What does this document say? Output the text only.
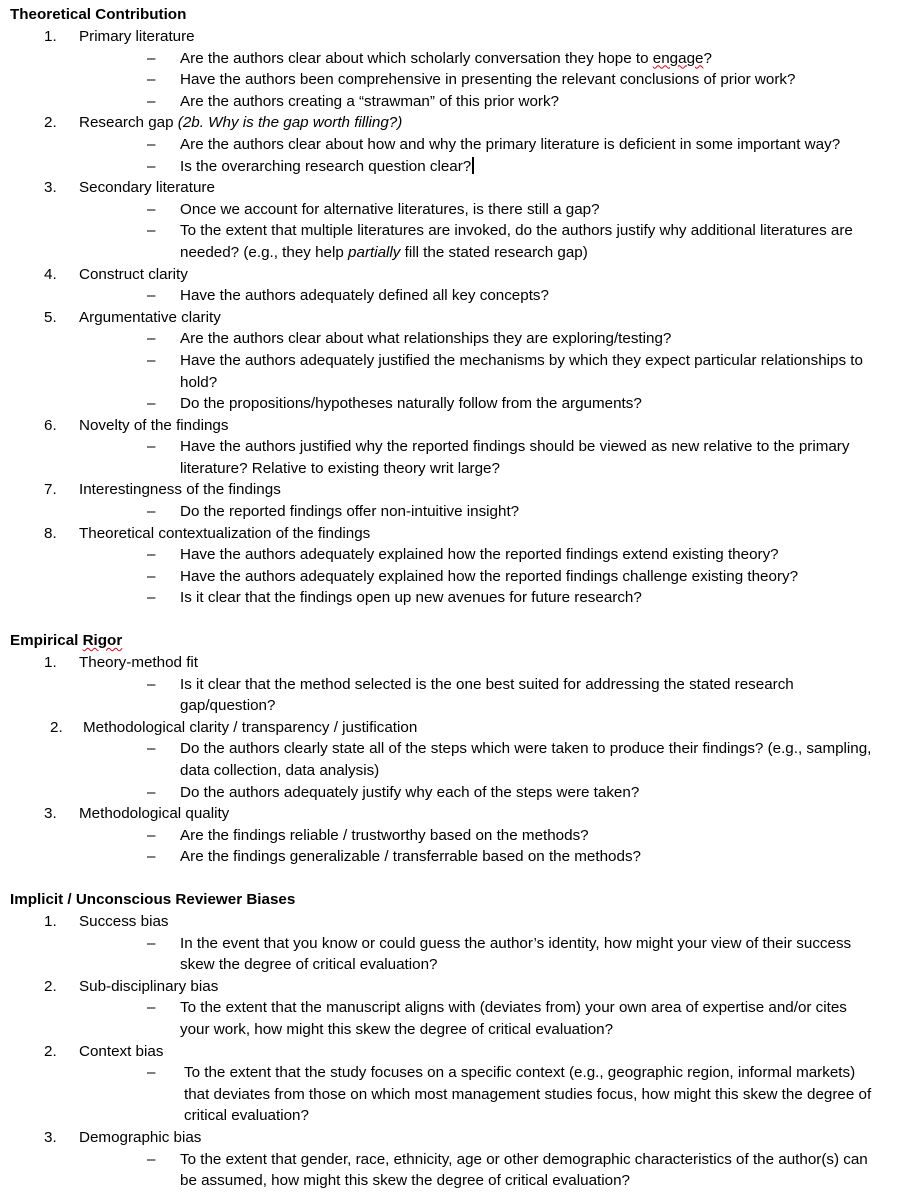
Theoretical Contribution
1. Primary literature
– Are the authors clear about which scholarly conversation they hope to engage?
– Have the authors been comprehensive in presenting the relevant conclusions of prior work?
– Are the authors creating a “strawman” of this prior work?
2. Research gap (2b. Why is the gap worth filling?)
– Are the authors clear about how and why the primary literature is deficient in some important way?
– Is the overarching research question clear?
3. Secondary literature
– Once we account for alternative literatures, is there still a gap?
– To the extent that multiple literatures are invoked, do the authors justify why additional literatures are needed? (e.g., they help partially fill the stated research gap)
4. Construct clarity
– Have the authors adequately defined all key concepts?
5. Argumentative clarity
– Are the authors clear about what relationships they are exploring/testing?
– Have the authors adequately justified the mechanisms by which they expect particular relationships to hold?
– Do the propositions/hypotheses naturally follow from the arguments?
6. Novelty of the findings
– Have the authors justified why the reported findings should be viewed as new relative to the primary literature? Relative to existing theory writ large?
7. Interestingness of the findings
– Do the reported findings offer non-intuitive insight?
8. Theoretical contextualization of the findings
– Have the authors adequately explained how the reported findings extend existing theory?
– Have the authors adequately explained how the reported findings challenge existing theory?
– Is it clear that the findings open up new avenues for future research?
Empirical Rigor
1. Theory-method fit
– Is it clear that the method selected is the one best suited for addressing the stated research gap/question?
2. Methodological clarity / transparency / justification
– Do the authors clearly state all of the steps which were taken to produce their findings? (e.g., sampling, data collection, data analysis)
– Do the authors adequately justify why each of the steps were taken?
3. Methodological quality
– Are the findings reliable / trustworthy based on the methods?
– Are the findings generalizable / transferrable based on the methods?
Implicit / Unconscious Reviewer Biases
1. Success bias
– In the event that you know or could guess the author’s identity, how might your view of their success skew the degree of critical evaluation?
2. Sub-disciplinary bias
– To the extent that the manuscript aligns with (deviates from) your own area of expertise and/or cites your work, how might this skew the degree of critical evaluation?
2. Context bias
– To the extent that the study focuses on a specific context (e.g., geographic region, informal markets) that deviates from those on which most management studies focus, how might this skew the degree of critical evaluation?
3. Demographic bias
– To the extent that gender, race, ethnicity, age or other demographic characteristics of the author(s) can be assumed, how might this skew the degree of critical evaluation?
